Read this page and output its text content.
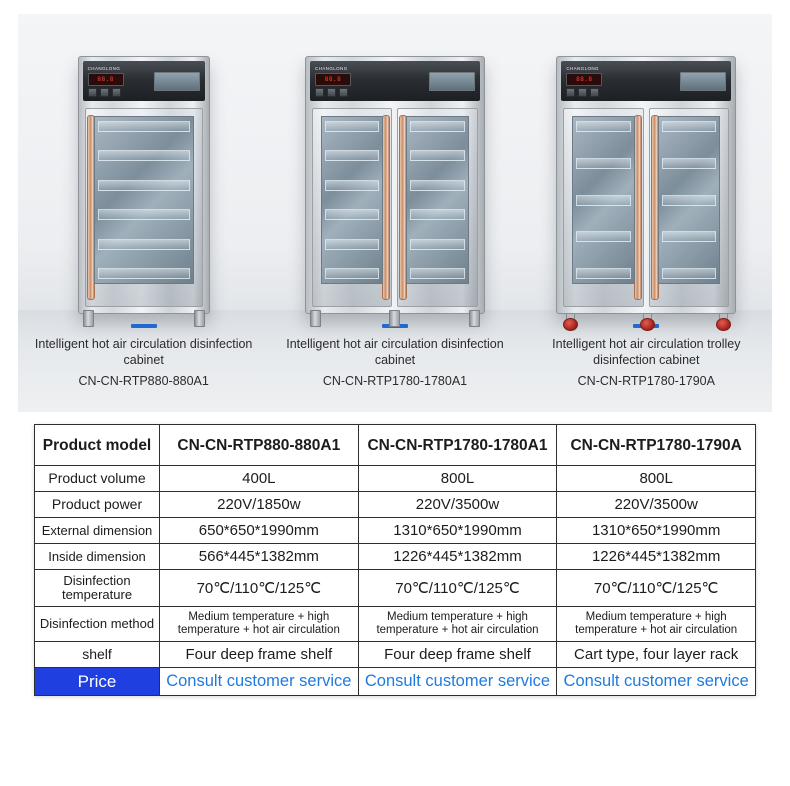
CHANGLONG
88.8
Intelligent hot air circulation disinfection cabinet
CN-CN-RTP880-880A1
CHANGLONG
88.8
Intelligent hot air circulation disinfection cabinet
CN-CN-RTP1780-1780A1
CHANGLONG
88.8
Intelligent hot air circulation trolley disinfection cabinet
CN-CN-RTP1780-1790A
Product model	CN-CN-RTP880-880A1	CN-CN-RTP1780-1780A1	CN-CN-RTP1780-1790A
Product volume	400L	800L	800L
Product power	220V/1850w	220V/3500w	220V/3500w
External dimension	650*650*1990mm	1310*650*1990mm	1310*650*1990mm
Inside dimension	566*445*1382mm	1226*445*1382mm	1226*445*1382mm
Disinfection temperature	70℃/110℃/125℃	70℃/110℃/125℃	70℃/110℃/125℃
Disinfection method	Medium temperature + high temperature + hot air circulation	Medium temperature + high temperature + hot air circulation	Medium temperature + high temperature + hot air circulation
shelf	Four deep frame shelf	Four deep frame shelf	Cart type, four layer rack
Price	Consult customer service	Consult customer service	Consult customer service
